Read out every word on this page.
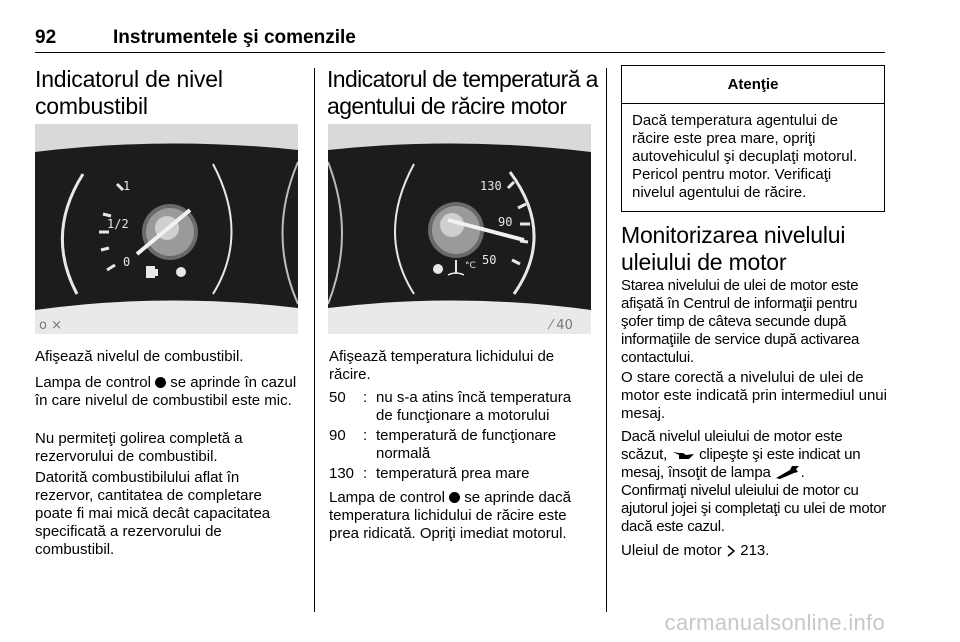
92	Instrumentele şi comenzile
Indicatorul de nivel combustibil
1
1/2
0
o ×

Afişează nivelul de combustibil.

Lampa de control se aprinde în cazul în care nivelul de combustibil este mic.

Nu permiteţi golirea completă a rezervorului de combustibil.

Datorită combustibilului aflat în rezervor, cantitatea de completare poate fi mai mică decât capacitatea specificată a rezervorului de combustibil.

Indicatorul de temperatură a agentului de răcire motor
130
90
50
°C
⁄ 40

Afişează temperatura lichidului de răcire.

50	: nu s-a atins încă temperatura de funcţionare a motorului
90	: temperatură de funcţionare normală
130 : temperatură prea mare

Lampa de control se aprinde dacă temperatura lichidului de răcire este prea ridicată. Opriţi imediat motorul.

Atenţie

Dacă temperatura agentului de răcire este prea mare, opriţi autovehiculul şi decuplaţi motorul. Pericol pentru motor. Verificaţi nivelul agentului de răcire.

Monitorizarea nivelului uleiului de motor

Starea nivelului de ulei de motor este afişată în Centrul de informaţii pentru şofer timp de câteva secunde după informaţiile de service după activarea contactului.

O stare corectă a nivelului de ulei de motor este indicată prin intermediul unui mesaj.

Dacă nivelul uleiului de motor este scăzut, clipeşte şi este indicat un mesaj, însoţit de lampa .

Confirmaţi nivelul uleiului de motor cu ajutorul jojei şi completaţi cu ulei de motor dacă este cazul.

Uleiul de motor 213.

carmanualsonline.info
